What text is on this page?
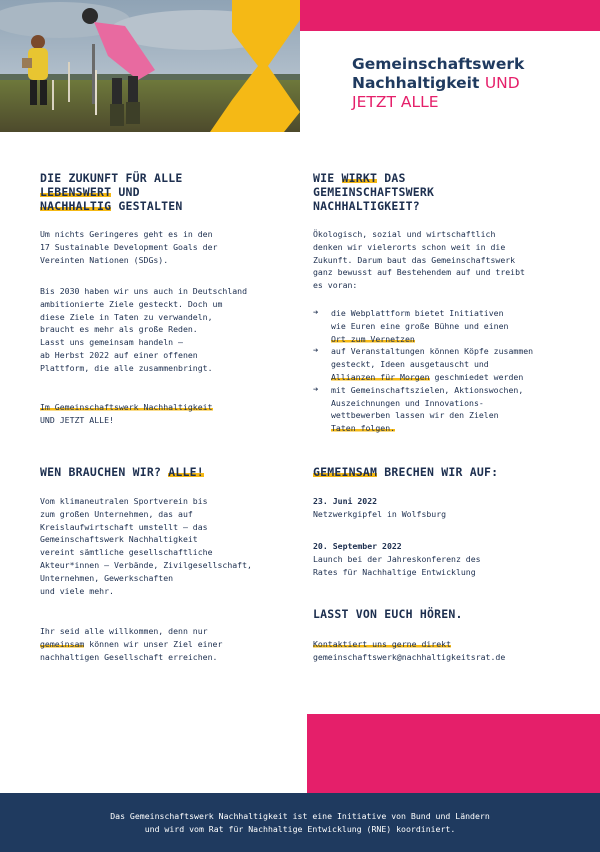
Gemeinschaftswerk
Nachhaltigkeit UND
JETZT ALLE
DIE ZUKUNFT FÜR ALLE
LEBENSWERT UND
NACHHALTIG GESTALTEN
Um nichts Geringeres geht es in den
17 Sustainable Development Goals der
Vereinten Nationen (SDGs).
Bis 2030 haben wir uns auch in Deutschland
ambitionierte Ziele gesteckt. Doch um
diese Ziele in Taten zu verwandeln,
braucht es mehr als große Reden.
Lasst uns gemeinsam handeln –
ab Herbst 2022 auf einer offenen
Plattform, die alle zusammenbringt.
Im Gemeinschaftswerk Nachhaltigkeit
UND JETZT ALLE!
WEN BRAUCHEN WIR? ALLE!
Vom klimaneutralen Sportverein bis
zum großen Unternehmen, das auf
Kreislaufwirtschaft umstellt – das
Gemeinschaftswerk Nachhaltigkeit
vereint sämtliche gesellschaftliche
Akteur*innen – Verbände, Zivilgesellschaft,
Unternehmen, Gewerkschaften
und viele mehr.
Ihr seid alle willkommen, denn nur
gemeinsam können wir unser Ziel einer
nachhaltigen Gesellschaft erreichen.
WIE WIRKT DAS
GEMEINSCHAFTSWERK
NACHHALTIGKEIT?
Ökologisch, sozial und wirtschaftlich
denken wir vielerorts schon weit in die
Zukunft. Darum baut das Gemeinschaftswerk
ganz bewusst auf Bestehendem auf und treibt
es voran:
➔ die Webplattform bietet Initiativen
wie Euren eine große Bühne und einen
Ort zum Vernetzen
➔ auf Veranstaltungen können Köpfe zusammen
gesteckt, Ideen ausgetauscht und
Allianzen für Morgen geschmiedet werden
➔ mit Gemeinschaftszielen, Aktionswochen,
Auszeichnungen und Innovations-
wettbewerben lassen wir den Zielen
Taten folgen.
GEMEINSAM BRECHEN WIR AUF:
23. Juni 2022
Netzwerkgipfel in Wolfsburg
20. September 2022
Launch bei der Jahreskonferenz des
Rates für Nachhaltige Entwicklung
LASST VON EUCH HÖREN.
Kontaktiert uns gerne direkt
gemeinschaftswerk@nachhaltigkeitsrat.de
Das Gemeinschaftswerk Nachhaltigkeit ist eine Initiative von Bund und Ländern
und wird vom Rat für Nachhaltige Entwicklung (RNE) koordiniert.
